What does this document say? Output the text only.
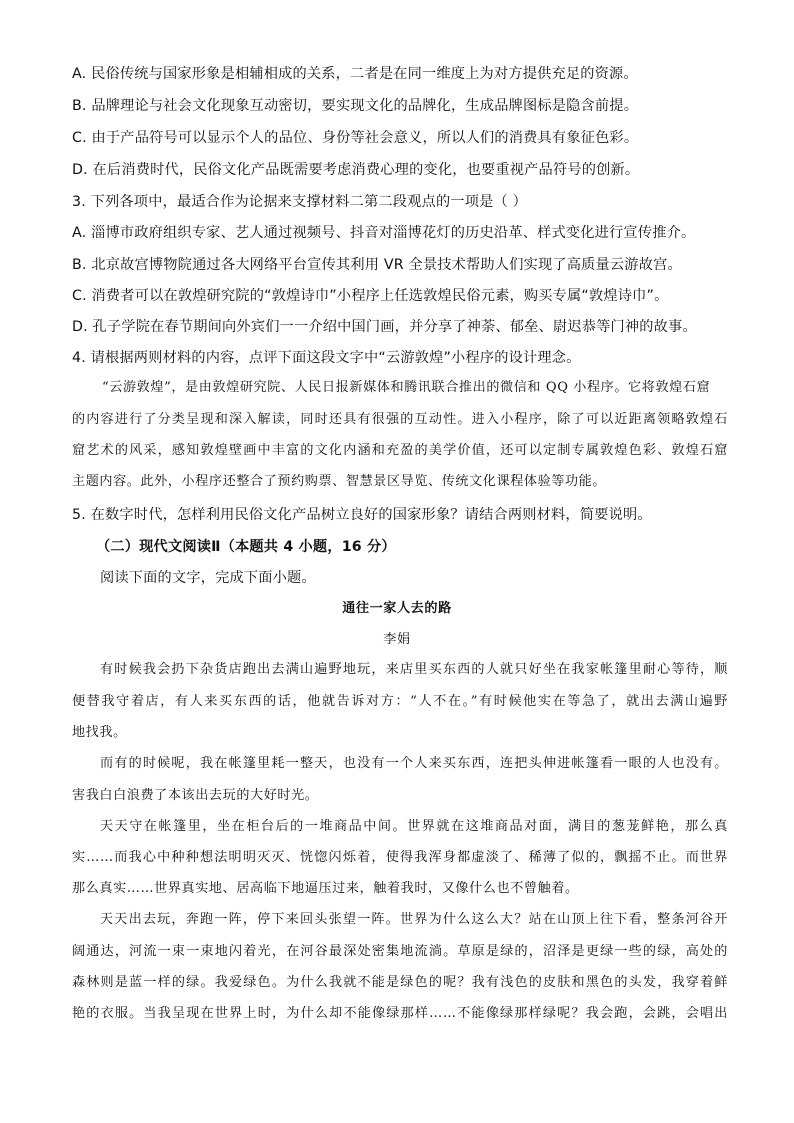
A. 民俗传统与国家形象是相辅相成的关系，二者是在同一维度上为对方提供充足的资源。
B. 品牌理论与社会文化现象互动密切，要实现文化的品牌化，生成品牌图标是隐含前提。
C. 由于产品符号可以显示个人的品位、身份等社会意义，所以人们的消费具有象征色彩。
D. 在后消费时代，民俗文化产品既需要考虑消费心理的变化，也要重视产品符号的创新。
3. 下列各项中，最适合作为论据来支撑材料二第二段观点的一项是（ ）
A. 淄博市政府组织专家、艺人通过视频号、抖音对淄博花灯的历史沿革、样式变化进行宣传推介。
B. 北京故宫博物院通过各大网络平台宣传其利用 VR 全景技术帮助人们实现了高质量云游故宫。
C. 消费者可以在敦煌研究院的“敦煌诗巾”小程序上任选敦煌民俗元素，购买专属“敦煌诗巾”。
D. 孔子学院在春节期间向外宾们一一介绍中国门画，并分享了神荼、郁垒、尉迟恭等门神的故事。
4. 请根据两则材料的内容，点评下面这段文字中“云游敦煌”小程序的设计理念。
“云游敦煌”，是由敦煌研究院、人民日报新媒体和腾讯联合推出的微信和 QQ 小程序。它将敦煌石窟
的内容进行了分类呈现和深入解读，同时还具有很强的互动性。进入小程序，除了可以近距离领略敦煌石
窟艺术的风采，感知敦煌壁画中丰富的文化内涵和充盈的美学价值，还可以定制专属敦煌色彩、敦煌石窟
主题内容。此外，小程序还整合了预约购票、智慧景区导览、传统文化课程体验等功能。
5. 在数字时代，怎样利用民俗文化产品树立良好的国家形象？请结合两则材料，简要说明。
（二）现代文阅读Ⅱ（本题共 4 小题，16 分）
阅读下面的文字，完成下面小题。
通往一家人去的路
李娟
有时候我会扔下杂货店跑出去满山遍野地玩，来店里买东西的人就只好坐在我家帐篷里耐心等待，顺
便替我守着店，有人来买东西的话，他就告诉对方：“人不在。”有时候他实在等急了，就出去满山遍野
地找我。
而有的时候呢，我在帐篷里耗一整天，也没有一个人来买东西，连把头伸进帐篷看一眼的人也没有。
害我白白浪费了本该出去玩的大好时光。
天天守在帐篷里，坐在柜台后的一堆商品中间。世界就在这堆商品对面，满目的葱茏鲜艳，那么真
实……而我心中种种想法明明灭灭、恍惚闪烁着，使得我浑身都虚淡了、稀薄了似的，飘摇不止。而世界
那么真实……世界真实地、居高临下地逼压过来，触着我时，又像什么也不曾触着。
天天出去玩，奔跑一阵，停下来回头张望一阵。世界为什么这么大？站在山顶上往下看，整条河谷开
阔通达，河流一束一束地闪着光，在河谷最深处密集地流淌。草原是绿的，沼泽是更绿一些的绿，高处的
森林则是蓝一样的绿。我爱绿色。为什么我就不能是绿色的呢？我有浅色的皮肤和黑色的头发，我穿着鲜
艳的衣服。当我呈现在世界上时，为什么却不能像绿那样……不能像绿那样绿呢？我会跑，会跳，会唱出
